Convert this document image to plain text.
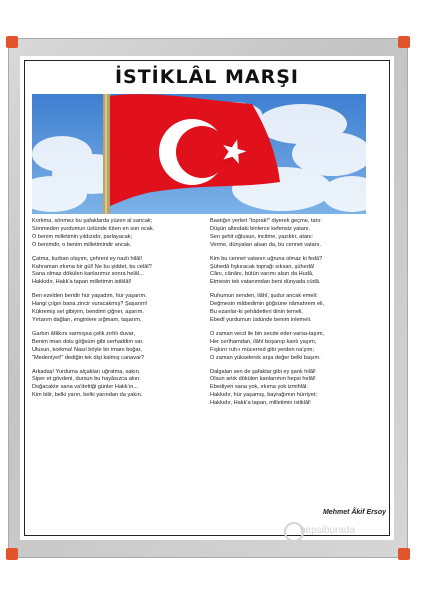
İSTİKLÂL MARŞI
Korkma, sönmez bu şafaklarda yüzen al sancak;
Sönmeden yurdumun üstünde tüten en son ocak.
O benim milletimin yıldızıdır, parlayacak;
O benimdir, o benim milletimindir ancak.
Çatma, kurban olayım, çehreni ey nazlı hilâl!
Kahraman ırkıma bir gül! Ne bu şiddet, bu celâl?
Sana olmaz dökülen kanlarımız sonra helâl...
Hakkıdır, Hakk'a tapan milletimin istiklâl!
Ben ezelden beridir hür yaşadım, hür yaşarım.
Hangi çılgın bana zincir vuracakmış? Şaşarım!
Kükremiş sel gibiyim, bendimi çiğner, aşarım.
Yırtarım dağları, enginlere sığmam, taşarım.
Garbın âfâkını sarmışsa çelik zırhlı duvar,
Benim iman dolu göğsüm gibi serhaddim var.
Ulusun, korkma! Nasıl böyle bir imanı boğar,
"Medeniyet!" dediğin tek dişi kalmış canavar?
Arkadaş! Yurduma alçakları uğratma, sakın.
Siper et gövdeni, dursun bu hayâsızca akın.
Doğacaktır sana va'dettiği günler Hakk'ın...
Kim bilir, belki yarın, belki yarından da yakın.
Bastığın yerleri "toprak!" diyerek geçme, tanı:
Düşün altındaki binlerce kefensiz yatanı.
Sen şehit oğlusun, incitme, yazıktır, atanı:
Verme, dünyaları alsan da, bu cennet vatanı.
Kim bu cennet vatanın uğruna olmaz ki fedâ?
Şühedâ fışkıracak toprağı sıksan, şühedâ!
Cânı, cânânı, bütün varımı alsın da Hudâ,
Etmesin tek vatanımdan beni dünyada cüdâ.
Ruhumun senden, ilâhî, şudur ancak emeli:
Değmesin mâbedimin göğsüne nâmahrem eli,
Bu ezanlar-ki şehâdetleri dinin temeli,
Ebedî yurdumun üstünde benim inlemeli.
O zaman vecd ile bin secde eder-varsa-taşım,
Her cerîhamdan, ilâhî boşanıp kanlı yaşım,
Fışkırır ruh-ı mücerred gibi yerden na'şım;
O zaman yükselerek arşa değer belki başım.
Dalgalan sen de şafaklar gibi ey şanlı hilâl!
Olsun artık dökülen kanlarımın hepsi helâl!
Ebediyen sana yok, ırkıma yok izmihlâl:
Hakkıdır, hür yaşamış, bayrağımın hürriyet;
Hakkıdır, Hakk'a tapan, milletimin istiklâl!
Mehmet Âkif Ersoy
hepsiburada
